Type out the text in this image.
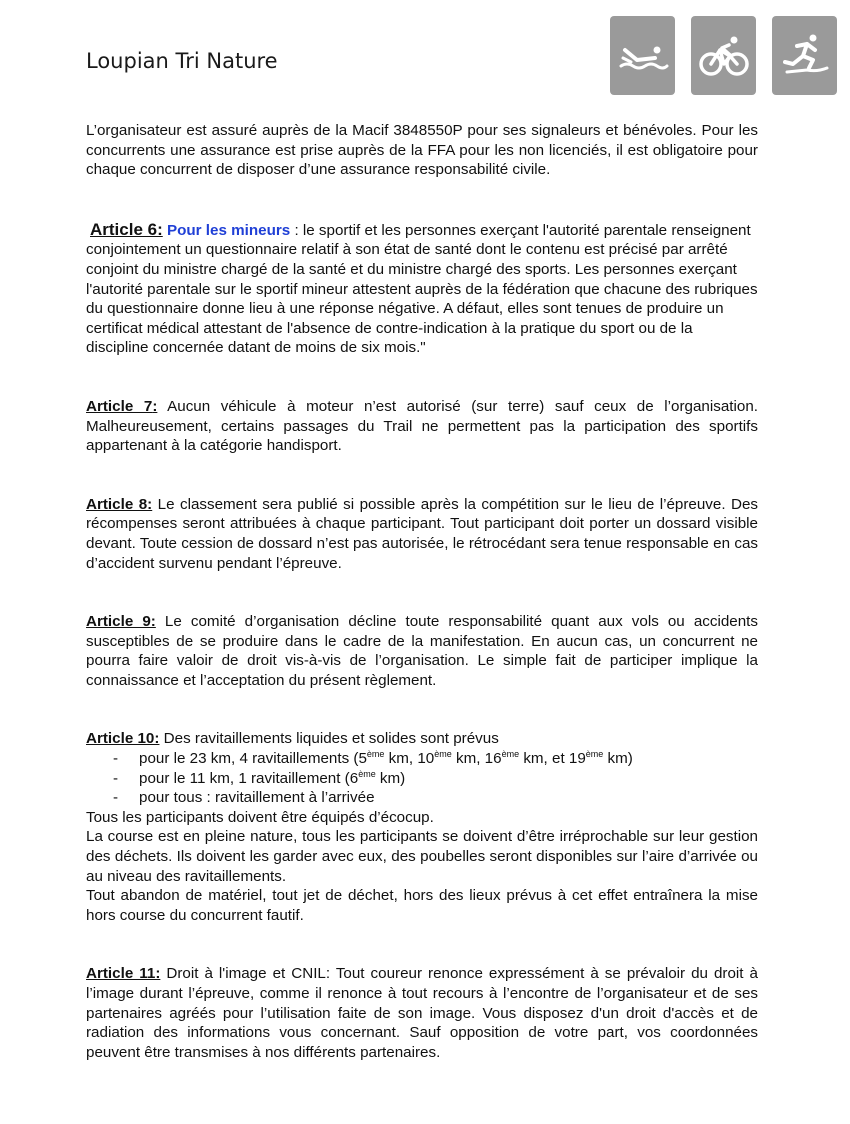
Loupian Tri Nature

L’organisateur est assuré auprès de la Macif 3848550P pour ses signaleurs et bénévoles. Pour les concurrents une assurance est prise auprès de la FFA pour les non licenciés, il est obligatoire pour chaque concurrent de disposer d’une assurance responsabilité civile.

Article 6: Pour les mineurs : le sportif et les personnes exerçant l'autorité parentale renseignent conjointement un questionnaire relatif à son état de santé dont le contenu est précisé par arrêté conjoint du ministre chargé de la santé et du ministre chargé des sports. Les personnes exerçant l'autorité parentale sur le sportif mineur attestent auprès de la fédération que chacune des rubriques du questionnaire donne lieu à une réponse négative. A défaut, elles sont tenues de produire un certificat médical attestant de l'absence de contre-indication à la pratique du sport ou de la discipline concernée datant de moins de six mois."

Article 7: Aucun véhicule à moteur n’est autorisé (sur terre) sauf ceux de l’organisation. Malheureusement, certains passages du Trail ne permettent pas la participation des sportifs appartenant à la catégorie handisport.

Article 8: Le classement sera publié si possible après la compétition sur le lieu de l’épreuve. Des récompenses seront attribuées à chaque participant. Tout participant doit porter un dossard visible devant. Toute cession de dossard n’est pas autorisée, le rétrocédant sera tenue responsable en cas d’accident survenu pendant l’épreuve.

Article 9: Le comité d’organisation décline toute responsabilité quant aux vols ou accidents susceptibles de se produire dans le cadre de la manifestation. En aucun cas, un concurrent ne pourra faire valoir de droit vis-à-vis de l’organisation. Le simple fait de participer implique la connaissance et l’acceptation du présent règlement.

Article 10: Des ravitaillements liquides et solides sont prévus

- pour le 23 km, 4 ravitaillements (5ème km, 10ème km, 16ème km, et 19ème km)
- pour le 11 km, 1 ravitaillement (6ème km)
- pour tous : ravitaillement à l’arrivée

Tous les participants doivent être équipés d’écocup.

La course est en pleine nature, tous les participants se doivent d’être irréprochable sur leur gestion des déchets. Ils doivent les garder avec eux, des poubelles seront disponibles sur l’aire d’arrivée ou au niveau des ravitaillements.

Tout abandon de matériel, tout jet de déchet, hors des lieux prévus à cet effet entraînera la mise hors course du concurrent fautif.

Article 11: Droit à l'image et CNIL: Tout coureur renonce expressément à se prévaloir du droit à l’image durant l’épreuve, comme il renonce à tout recours à l’encontre de l’organisateur et de ses partenaires agréés pour l’utilisation faite de son image. Vous disposez d'un droit d'accès et de radiation des informations vous concernant. Sauf opposition de votre part, vos coordonnées peuvent être transmises à nos différents partenaires.
